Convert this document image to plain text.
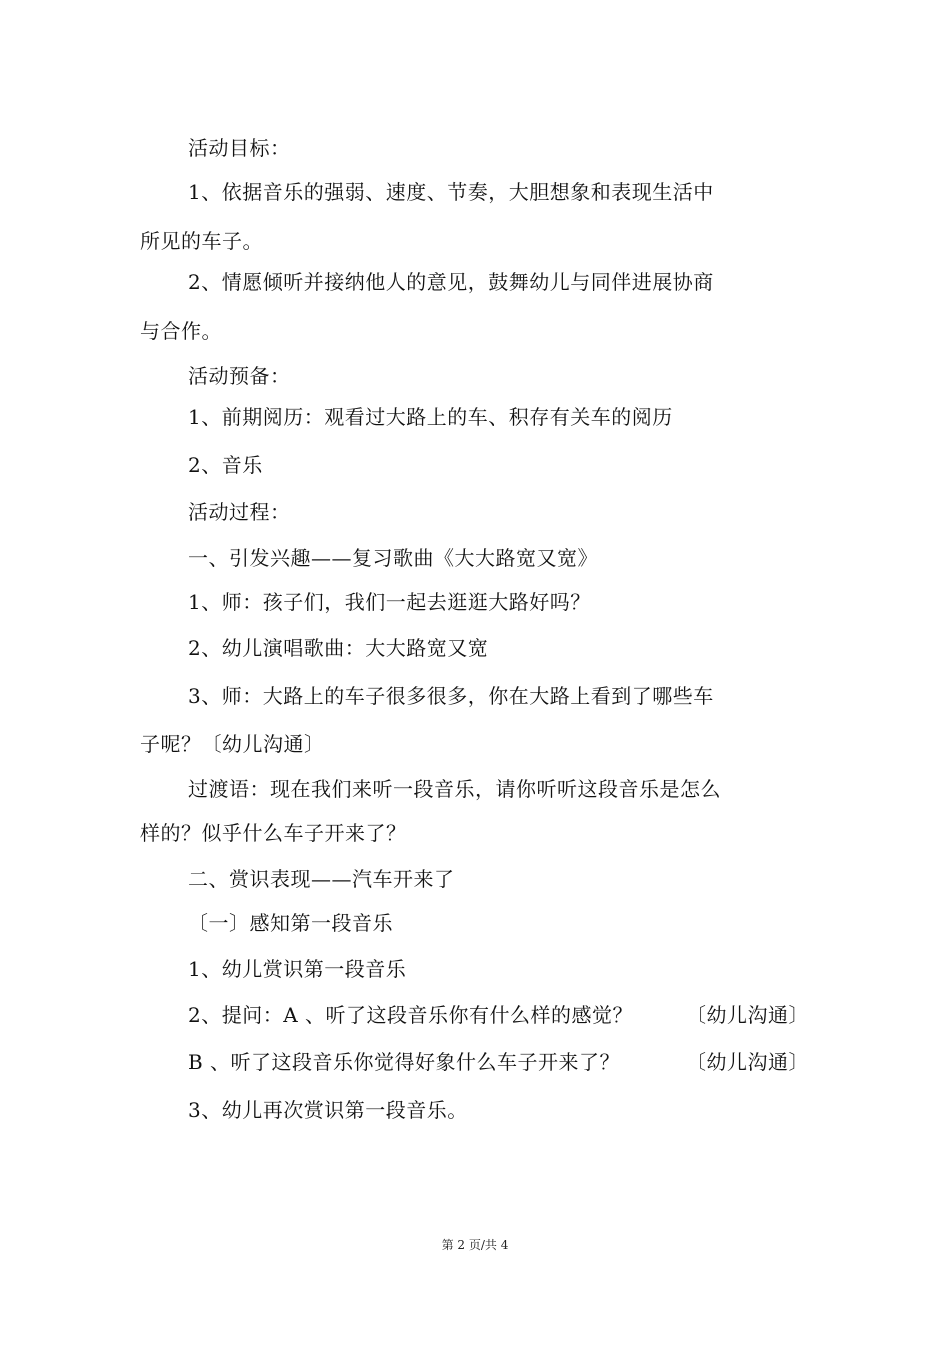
活动目标：
1、依据音乐的强弱、速度、节奏，大胆想象和表现生活中
所见的车子。
2、情愿倾听并接纳他人的意见，鼓舞幼儿与同伴进展协商
与合作。
活动预备：
1、前期阅历：观看过大路上的车、积存有关车的阅历
2、音乐
活动过程：
一、引发兴趣——复习歌曲《大大路宽又宽》
1、师：孩子们，我们一起去逛逛大路好吗？
2、幼儿演唱歌曲：大大路宽又宽
3、师：大路上的车子很多很多，你在大路上看到了哪些车
子呢？〔幼儿沟通〕
过渡语：现在我们来听一段音乐，请你听听这段音乐是怎么
样的？似乎什么车子开来了？
二、赏识表现——汽车开来了
〔一〕感知第一段音乐
1、幼儿赏识第一段音乐
2、提问：A 、听了这段音乐你有什么样的感觉？	〔幼儿沟通〕
B 、听了这段音乐你觉得好象什么车子开来了？	〔幼儿沟通〕
3、幼儿再次赏识第一段音乐。
第 2 页/共 4
